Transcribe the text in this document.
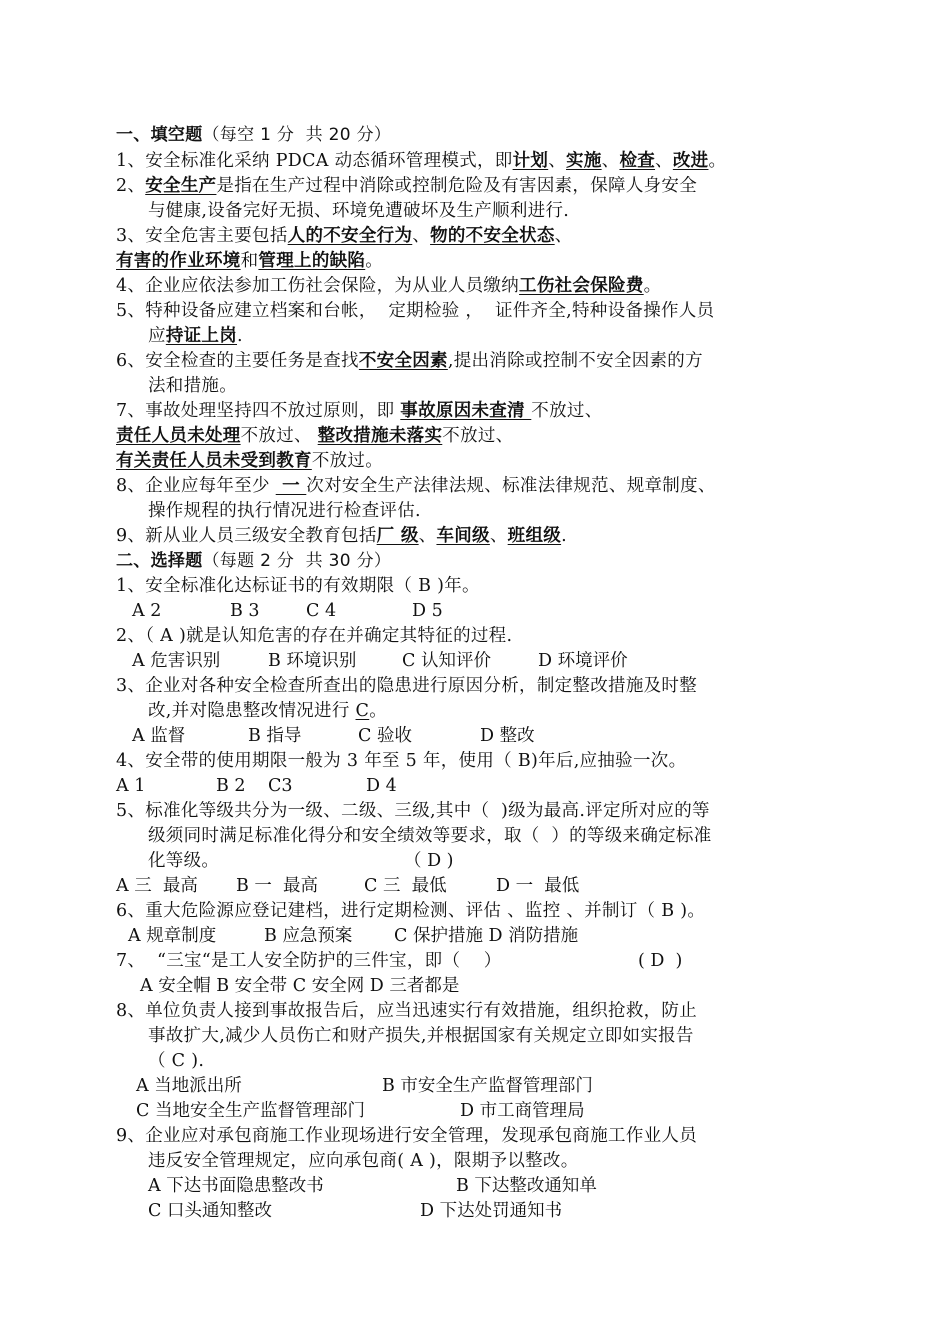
一、填空题（每空 1 分  共 20 分）
1、安全标准化采纳 PDCA 动态循环管理模式，即计划、实施、检查、改进。
2、安全生产是指在生产过程中消除或控制危险及有害因素，保障人身安全
与健康,设备完好无损、环境免遭破坏及生产顺利进行.
3、安全危害主要包括人的不安全行为、物的不安全状态、
有害的作业环境和管理上的缺陷。
4、企业应依法参加工伤社会保险，为从业人员缴纳工伤社会保险费。
5、特种设备应建立档案和台帐，  定期检验 ，  证件齐全,特种设备操作人员
应持证上岗.
6、安全检查的主要任务是查找不安全因素,提出消除或控制不安全因素的方
法和措施。
7、事故处理坚持四不放过原则，即 事故原因未查清 不放过、
责任人员未处理不放过、 整改措施未落实不放过、
有关责任人员未受到教育不放过。
8、企业应每年至少  一 次对安全生产法律法规、标准法律规范、规章制度、
操作规程的执行情况进行检查评估.
9、新从业人员三级安全教育包括厂 级、车间级、班组级.
二、选择题（每题 2 分  共 30 分）
1、安全标准化达标证书的有效期限（ B )年。
A 2	B 3	C 4	D 5
2、（ A )就是认知危害的存在并确定其特征的过程.
A 危害识别	B 环境识别	C 认知评价	D 环境评价
3、企业对各种安全检查所查出的隐患进行原因分析，制定整改措施及时整
改,并对隐患整改情况进行 C。
A 监督	B 指导	C 验收	D 整改
4、安全带的使用期限一般为 3 年至 5 年，使用（ B)年后,应抽验一次。
A 1	B 2 C3	D 4
5、标准化等级共分为一级、二级、三级,其中（  )级为最高.评定所对应的等
级须同时满足标准化得分和安全绩效等要求，取（  ）的等级来确定标准
化等级。	（ D )
A 三  最高 B 一  最高	C 三  最低	D 一  最低
6、重大危险源应登记建档，进行定期检测、评估 、监控 、并制订（ B )。
A 规章制度	B 应急预案 C 保护措施 D 消防措施
7、  “三宝“是工人安全防护的三件宝，即（    ）	( D  )
A 安全帽 B 安全带 C 安全网 D 三者都是
8、单位负责人接到事故报告后，应当迅速实行有效措施，组织抢救，防止
事故扩大,减少人员伤亡和财产损失,并根据国家有关规定立即如实报告
（ C ).
A 当地派出所	B 市安全生产监督管理部门
C 当地安全生产监督管理部门	D 市工商管理局
9、企业应对承包商施工作业现场进行安全管理，发现承包商施工作业人员
违反安全管理规定，应向承包商( A )，限期予以整改。
A 下达书面隐患整改书	B 下达整改通知单
C 口头通知整改	D 下达处罚通知书
